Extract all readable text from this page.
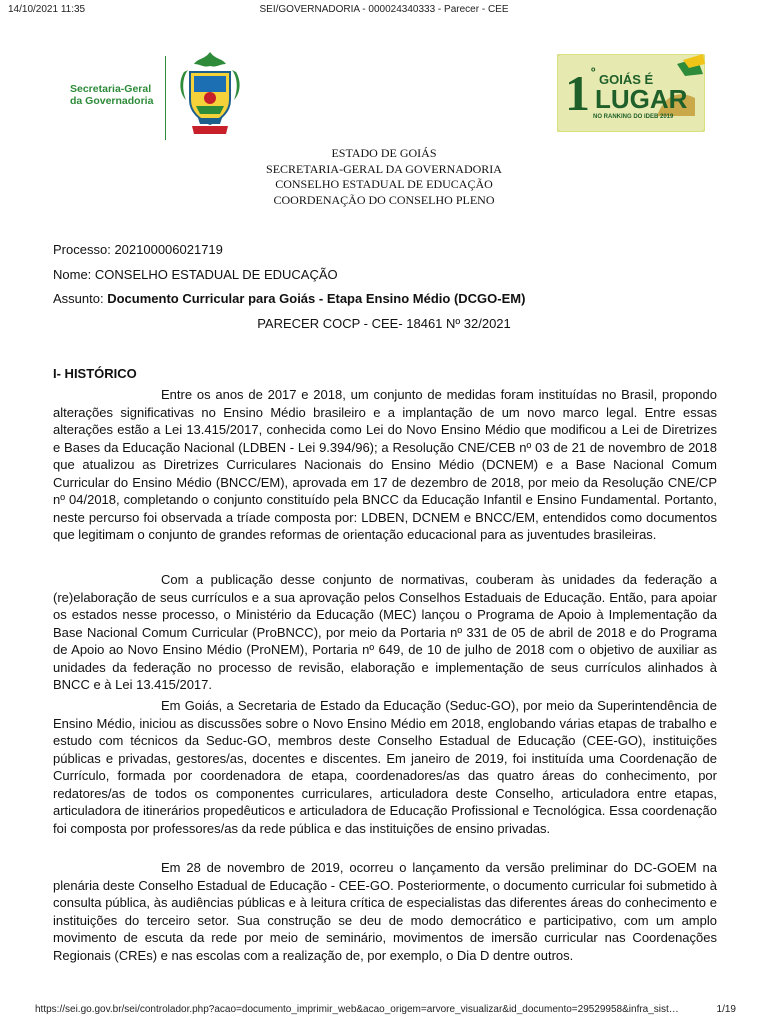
14/10/2021 11:35	SEI/GOVERNADORIA - 000024340333 - Parecer - CEE
Secretaria-Geral
da Governadoria	1 º GOIÁS É
LUGAR
NO RANKING DO IDEB 2019
ESTADO DE GOIÁS
SECRETARIA-GERAL DA GOVERNADORIA
CONSELHO ESTADUAL DE EDUCAÇÃO
COORDENAÇÃO DO CONSELHO PLENO
Processo: 202100006021719
Nome: CONSELHO ESTADUAL DE EDUCAÇÃO
Assunto: Documento Curricular para Goiás - Etapa Ensino Médio (DCGO-EM)
PARECER COCP - CEE- 18461 Nº 32/2021
I- HISTÓRICO

Entre os anos de 2017 e 2018, um conjunto de medidas foram instituídas no Brasil, propondo alterações significativas no Ensino Médio brasileiro e a implantação de um novo marco legal. Entre essas alterações estão a Lei 13.415/2017, conhecida como Lei do Novo Ensino Médio que modificou a Lei de Diretrizes e Bases da Educação Nacional (LDBEN - Lei 9.394/96); a Resolução CNE/CEB nº 03 de 21 de novembro de 2018 que atualizou as Diretrizes Curriculares Nacionais do Ensino Médio (DCNEM) e a Base Nacional Comum Curricular do Ensino Médio (BNCC/EM), aprovada em 17 de dezembro de 2018, por meio da Resolução CNE/CP nº 04/2018, completando o conjunto constituído pela BNCC da Educação Infantil e Ensino Fundamental. Portanto, neste percurso foi observada a tríade composta por: LDBEN, DCNEM e BNCC/EM, entendidos como documentos que legitimam o conjunto de grandes reformas de orientação educacional para as juventudes brasileiras.

Com a publicação desse conjunto de normativas, couberam às unidades da federação a (re)elaboração de seus currículos e a sua aprovação pelos Conselhos Estaduais de Educação. Então, para apoiar os estados nesse processo, o Ministério da Educação (MEC) lançou o Programa de Apoio à Implementação da Base Nacional Comum Curricular (ProBNCC), por meio da Portaria nº 331 de 05 de abril de 2018 e do Programa de Apoio ao Novo Ensino Médio (ProNEM), Portaria nº 649, de 10 de julho de 2018 com o objetivo de auxiliar as unidades da federação no processo de revisão, elaboração e implementação de seus currículos alinhados à BNCC e à Lei 13.415/2017.

Em Goiás, a Secretaria de Estado da Educação (Seduc-GO), por meio da Superintendência de Ensino Médio, iniciou as discussões sobre o Novo Ensino Médio em 2018, englobando várias etapas de trabalho e estudo com técnicos da Seduc-GO, membros deste Conselho Estadual de Educação (CEE-GO), instituições públicas e privadas, gestores/as, docentes e discentes. Em janeiro de 2019, foi instituída uma Coordenação de Currículo, formada por coordenadora de etapa, coordenadores/as das quatro áreas do conhecimento, por redatores/as de todos os componentes curriculares, articuladora deste Conselho, articuladora entre etapas, articuladora de itinerários propedêuticos e articuladora de Educação Profissional e Tecnológica. Essa coordenação foi composta por professores/as da rede pública e das instituições de ensino privadas.

Em 28 de novembro de 2019, ocorreu o lançamento da versão preliminar do DC-GOEM na plenária deste Conselho Estadual de Educação - CEE-GO. Posteriormente, o documento curricular foi submetido à consulta pública, às audiências públicas e à leitura crítica de especialistas das diferentes áreas do conhecimento e instituições do terceiro setor. Sua construção se deu de modo democrático e participativo, com um amplo movimento de escuta da rede por meio de seminário, movimentos de imersão curricular nas Coordenações Regionais (CREs) e nas escolas com a realização de, por exemplo, o Dia D dentre outros.

https://sei.go.gov.br/sei/controlador.php?acao=documento_imprimir_web&acao_origem=arvore_visualizar&id_documento=29529958&infra_sist…	1/19
